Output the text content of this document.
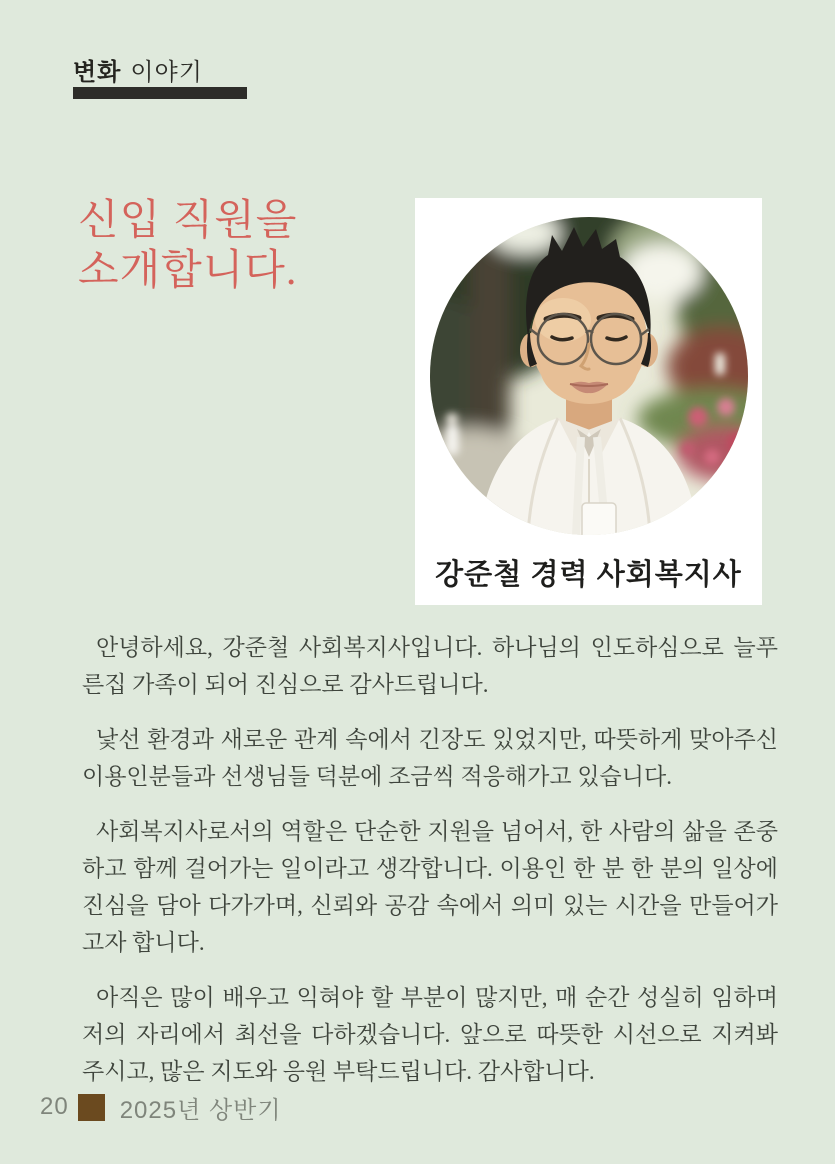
변화 이야기
신입 직원을
소개합니다.
강준철 경력 사회복지사

안녕하세요, 강준철 사회복지사입니다. 하나님의 인도하심으로 늘푸른집 가족이 되어 진심으로 감사드립니다.

낯선 환경과 새로운 관계 속에서 긴장도 있었지만, 따뜻하게 맞아주신 이용인분들과 선생님들 덕분에 조금씩 적응해가고 있습니다.

사회복지사로서의 역할은 단순한 지원을 넘어서, 한 사람의 삶을 존중하고 함께 걸어가는 일이라고 생각합니다. 이용인 한 분 한 분의 일상에 진심을 담아 다가가며, 신뢰와 공감 속에서 의미 있는 시간을 만들어가고자 합니다.

아직은 많이 배우고 익혀야 할 부분이 많지만, 매 순간 성실히 임하며 저의 자리에서 최선을 다하겠습니다. 앞으로 따뜻한 시선으로 지켜봐 주시고, 많은 지도와 응원 부탁드립니다. 감사합니다.

20 2025년 상반기
